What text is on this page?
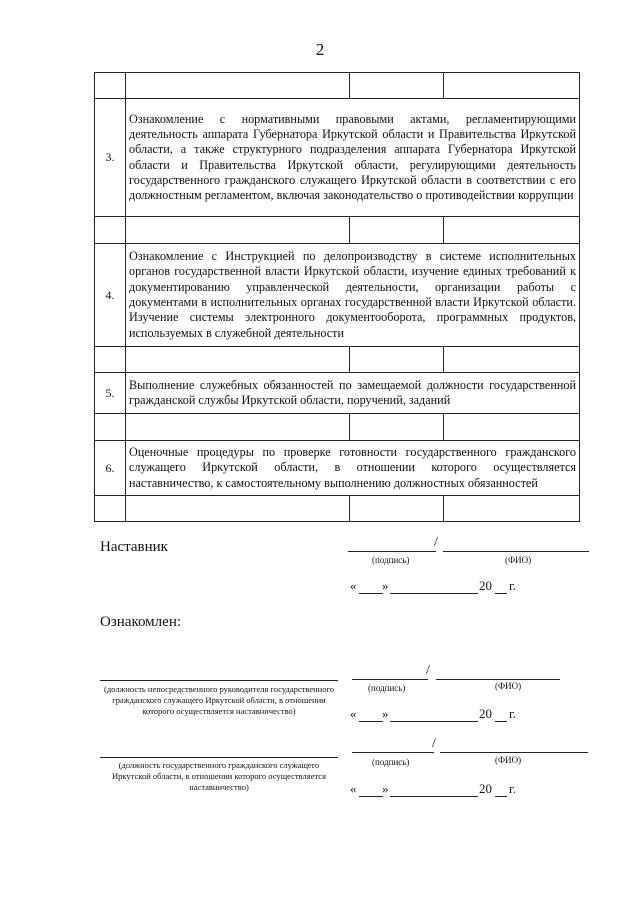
2

3.	Ознакомление с нормативными правовыми актами, регламентирующими деятельность аппарата Губернатора Иркутской области и Правительства Иркутской области, а также структурного подразделения аппарата Губернатора Иркутской области и Правительства Иркутской области, регулирующими деятельность государственного гражданского служащего Иркутской области в соответствии с его должностным регламентом, включая законодательство о противодействии коррупции		

4.	Ознакомление с Инструкцией по делопроизводству в системе исполнительных органов государственной власти Иркутской области, изучение единых требований к документированию управленческой деятельности, организации работы с документами в исполнительных органах государственной власти Иркутской области. Изучение системы электронного документооборота, программных продуктов, используемых в служебной деятельности		

5.	Выполнение служебных обязанностей по замещаемой должности государственной гражданской службы Иркутской области, поручений, заданий		

6.	Оценочные процедуры по проверке готовности государственного гражданского служащего Иркутской области, в отношении которого осуществляется наставничество, к самостоятельному выполнению должностных обязанностей		

Наставник	/
(подпись)	(ФИО)
« »	20 г.
Ознакомлен:
(должность непосредственного руководителя государственного гражданского служащего Иркутской области, в отношении которого осуществляется наставничество)
/
(подпись)	(ФИО)
« »	20 г.
(должность государственного гражданского служащего Иркутской области, в отношении которого осуществляется наставничество)
/
(подпись)	(ФИО)
« »	20 г.
